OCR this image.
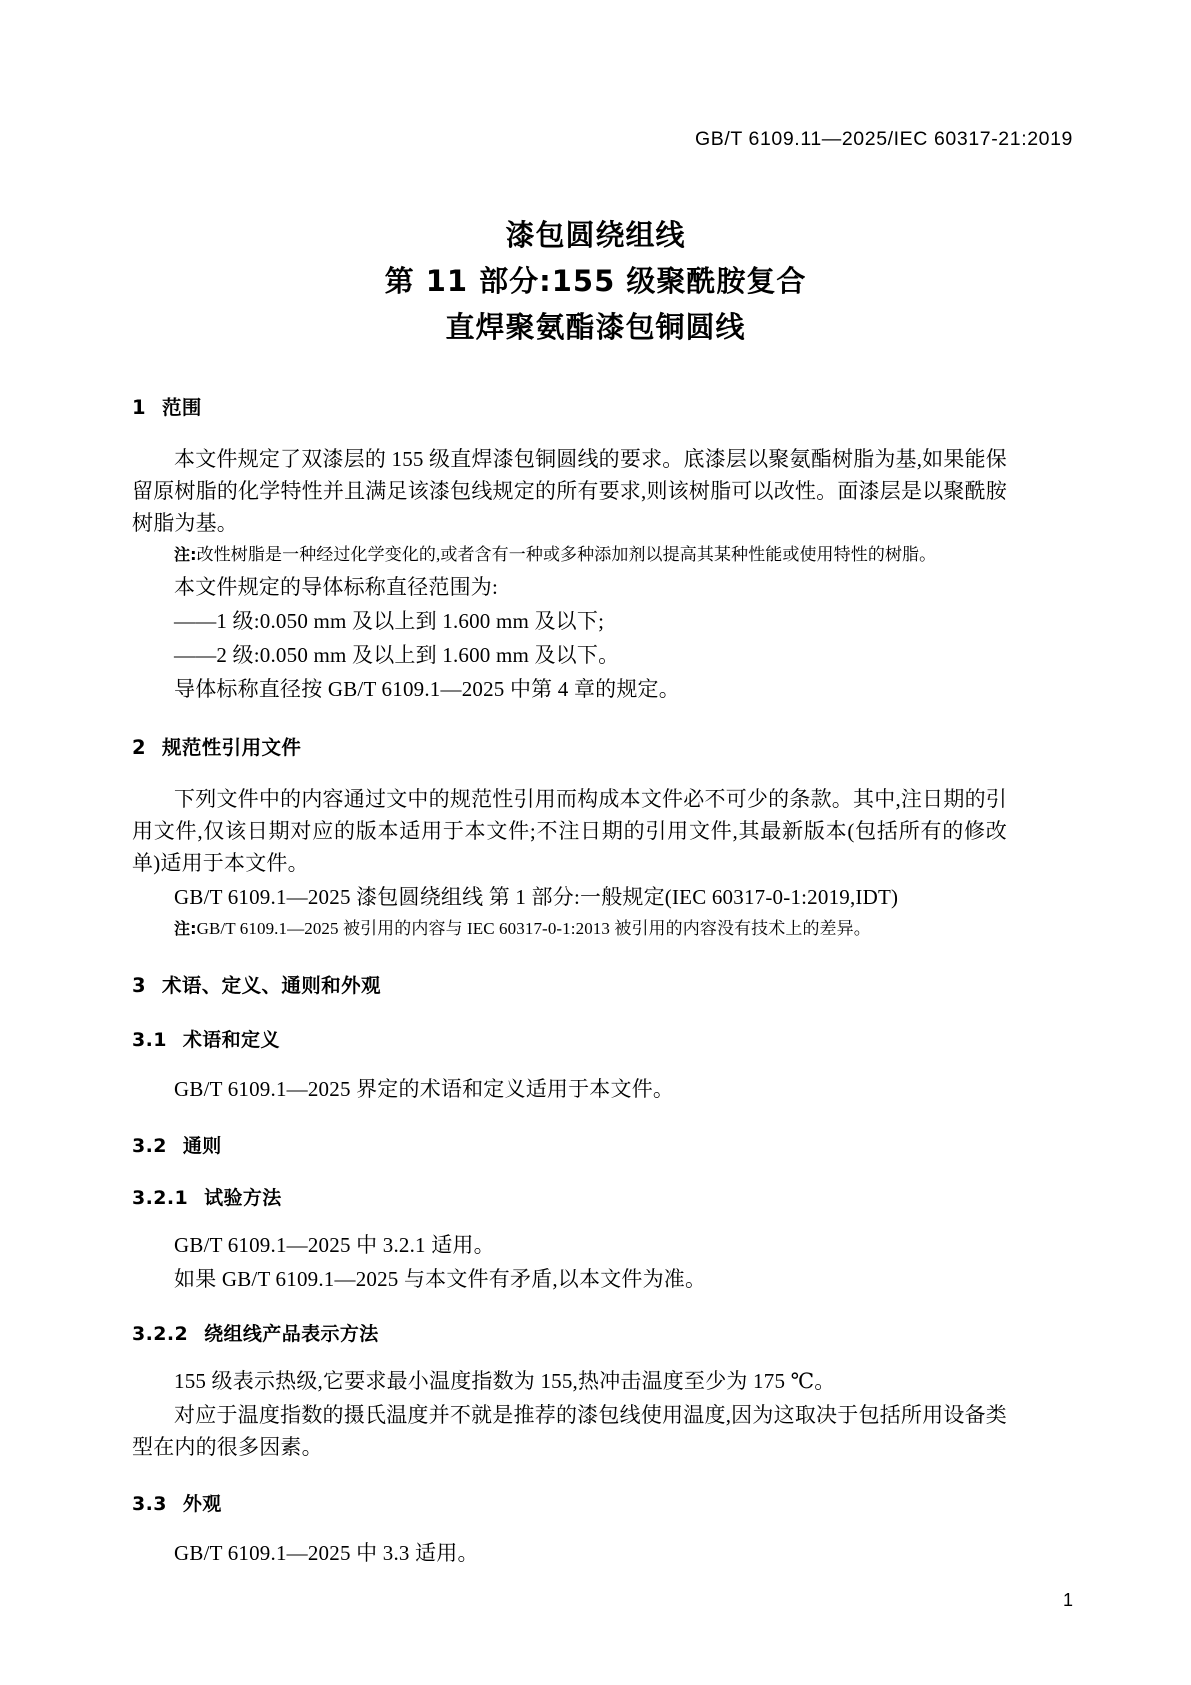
GB/T 6109.11—2025/IEC 60317-21:2019
漆包圆绕组线
第 11 部分:155 级聚酰胺复合
直焊聚氨酯漆包铜圆线
1 范围

本文件规定了双漆层的 155 级直焊漆包铜圆线的要求。底漆层以聚氨酯树脂为基,如果能保留原树脂的化学特性并且满足该漆包线规定的所有要求,则该树脂可以改性。面漆层是以聚酰胺树脂为基。

注:改性树脂是一种经过化学变化的,或者含有一种或多种添加剂以提高其某种性能或使用特性的树脂。

本文件规定的导体标称直径范围为:

——1 级:0.050 mm 及以上到 1.600 mm 及以下;

——2 级:0.050 mm 及以上到 1.600 mm 及以下。

导体标称直径按 GB/T 6109.1—2025 中第 4 章的规定。

2 规范性引用文件

下列文件中的内容通过文中的规范性引用而构成本文件必不可少的条款。其中,注日期的引用文件,仅该日期对应的版本适用于本文件;不注日期的引用文件,其最新版本(包括所有的修改单)适用于本文件。

GB/T 6109.1—2025 漆包圆绕组线 第 1 部分:一般规定(IEC 60317-0-1:2019,IDT)

注:GB/T 6109.1—2025 被引用的内容与 IEC 60317-0-1:2013 被引用的内容没有技术上的差异。

3 术语、定义、通则和外观
3.1 术语和定义

GB/T 6109.1—2025 界定的术语和定义适用于本文件。

3.2 通则
3.2.1 试验方法

GB/T 6109.1—2025 中 3.2.1 适用。

如果 GB/T 6109.1—2025 与本文件有矛盾,以本文件为准。

3.2.2 绕组线产品表示方法

155 级表示热级,它要求最小温度指数为 155,热冲击温度至少为 175 ℃。

对应于温度指数的摄氏温度并不就是推荐的漆包线使用温度,因为这取决于包括所用设备类型在内的很多因素。

3.3 外观

GB/T 6109.1—2025 中 3.3 适用。

1
